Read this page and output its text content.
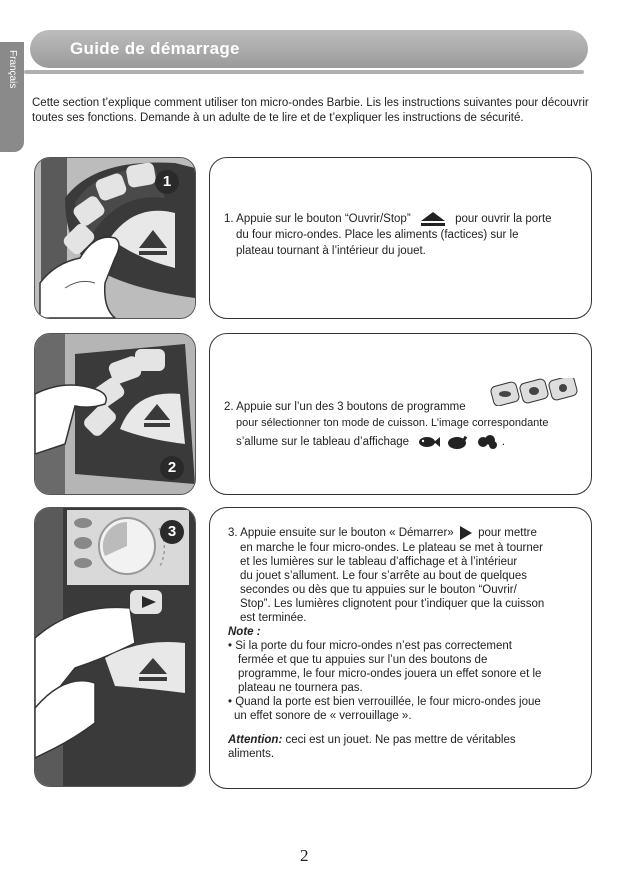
Français
Guide de démarrage
Cette section t’explique comment utiliser ton micro-ondes Barbie. Lis les instructions suivantes pour découvrir toutes ses fonctions. Demande à un adulte de te lire et de t’expliquer les instructions de sécurité.
1
1. Appuie sur le bouton “Ouvrir/Stop”	pour ouvrir la porte
du four micro-ondes. Place les aliments (factices) sur le
plateau tournant à l’intérieur du jouet.
2
2. Appuie sur l’un des 3 boutons de programme
pour sélectionner ton mode de cuisson. L’image correspondante
s’allume sur le tableau d’affichage	.
3	3. Appuie ensuite sur le bouton « Démarrer» pour mettre
en marche le four micro-ondes. Le plateau se met à tourner
et les lumières sur le tableau d’affichage et à l’intérieur
du jouet s’allument. Le four s’arrête au bout de quelques
secondes ou dès que tu appuies sur le bouton “Ouvrir/
Stop”. Les lumières clignotent pour t’indiquer que la cuisson
est terminée.
Note :
• Si la porte du four micro-ondes n’est pas correctement
fermée et que tu appuies sur l’un des boutons de
programme, le four micro-ondes jouera un effet sonore et le
plateau ne tournera pas.
• Quand la porte est bien verrouillée, le four micro-ondes joue
un effet sonore de « verrouillage ».
Attention: ceci est un jouet. Ne pas mettre de véritables
aliments.
2
